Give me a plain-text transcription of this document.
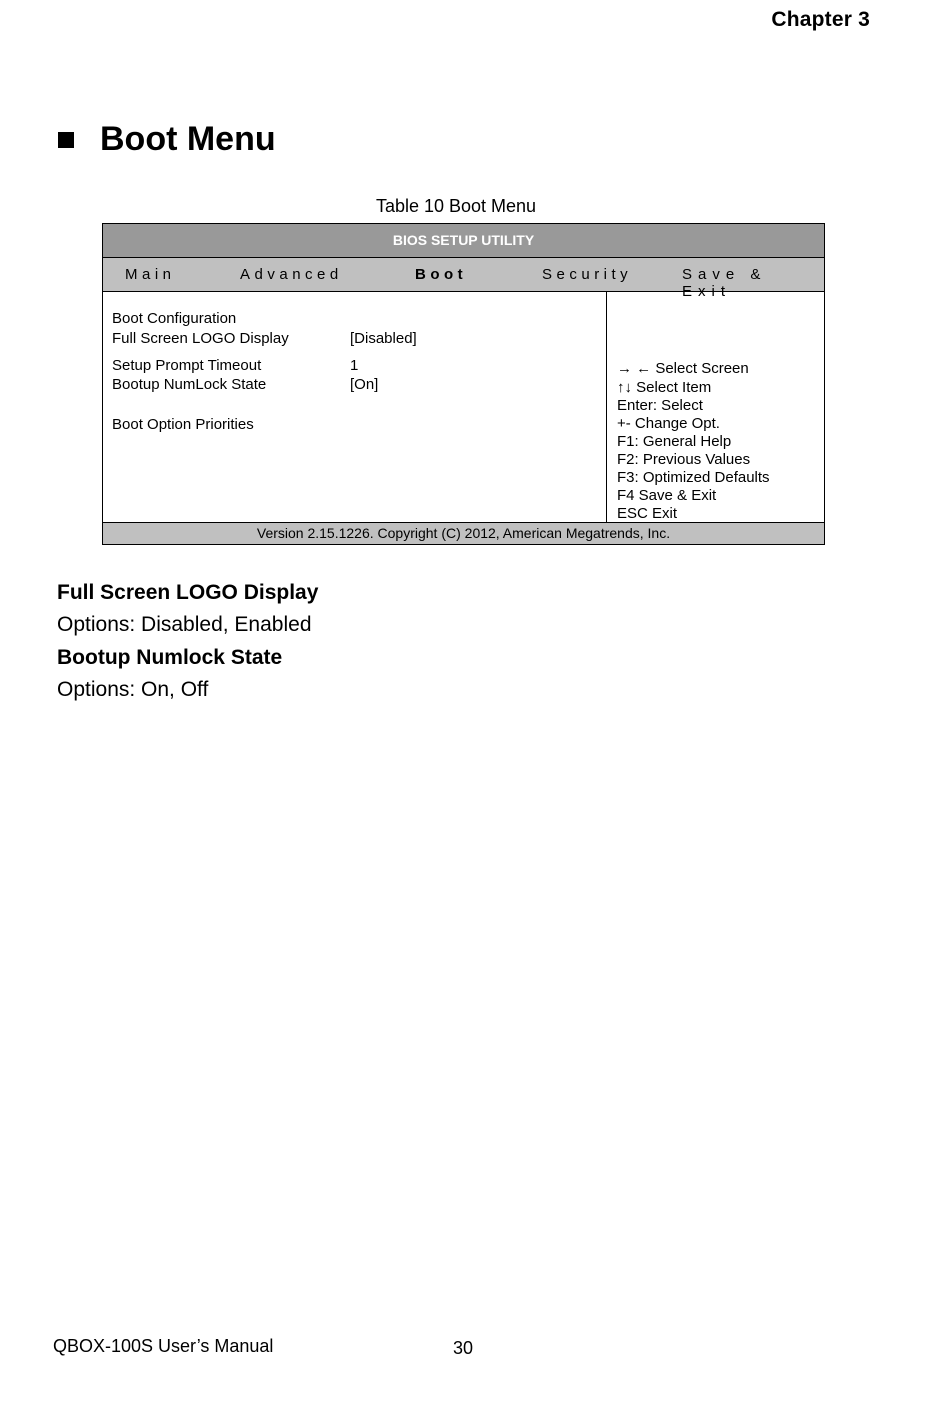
Chapter 3
Boot Menu
Table 10 Boot Menu
BIOS SETUP UTILITY
Main	Advanced	Boot	Security	Save & Exit
Boot Configuration
Full Screen LOGO Display	[Disabled]
Setup Prompt Timeout	1
Bootup NumLock State	[On]
Boot Option Priorities
→ ← Select Screen
↑↓ Select Item
Enter: Select
+- Change Opt.
F1: General Help
F2: Previous Values
F3: Optimized Defaults
F4 Save & Exit
ESC Exit
Version 2.15.1226. Copyright (C) 2012, American Megatrends, Inc.
Full Screen LOGO Display
Options: Disabled, Enabled
Bootup Numlock State
Options: On, Off
QBOX-100S User’s Manual	30
